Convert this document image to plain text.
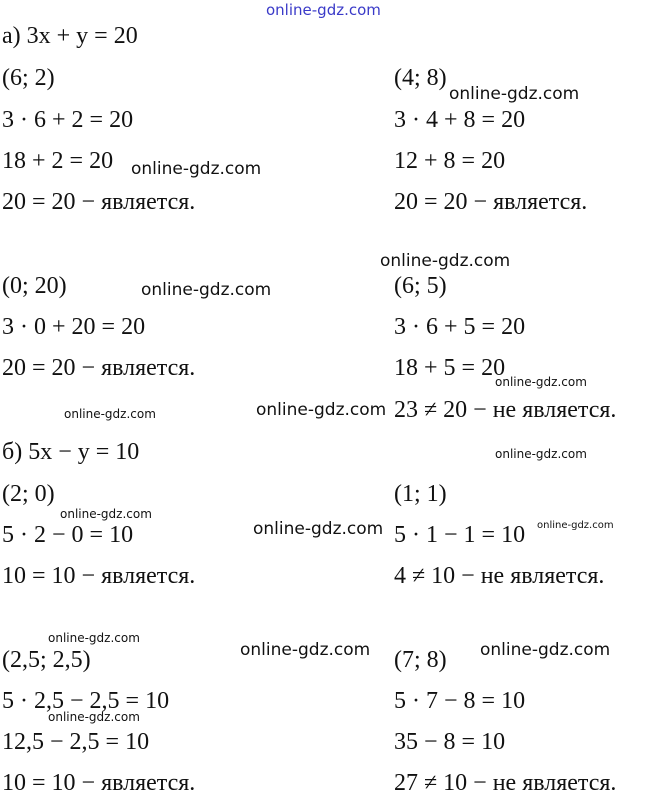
online-gdz.com
а) 3x + y = 20
(6; 2)
3 · 6 + 2 = 20
18 + 2 = 20
20 = 20 − является.
(4; 8)
3 · 4 + 8 = 20
12 + 8 = 20
20 = 20 − является.
(0; 20)
3 · 0 + 20 = 20
20 = 20 − является.
(6; 5)
3 · 6 + 5 = 20
18 + 5 = 20
23 ≠ 20 − не является.
б) 5x − y = 10
(2; 0)
5 · 2 − 0 = 10
10 = 10 − является.
(1; 1)
5 · 1 − 1 = 10
4 ≠ 10 − не является.
(2,5; 2,5)
5 · 2,5 − 2,5 = 10
12,5 − 2,5 = 10
10 = 10 − является.
(7; 8)
5 · 7 − 8 = 10
35 − 8 = 10
27 ≠ 10 − не является.
online-gdz.com
online-gdz.com
online-gdz.com
online-gdz.com
online-gdz.com
online-gdz.com	online-gdz.com
online-gdz.com
online-gdz.com
online-gdz.com	online-gdz.com
online-gdz.com
online-gdz.com	online-gdz.com
online-gdz.com
